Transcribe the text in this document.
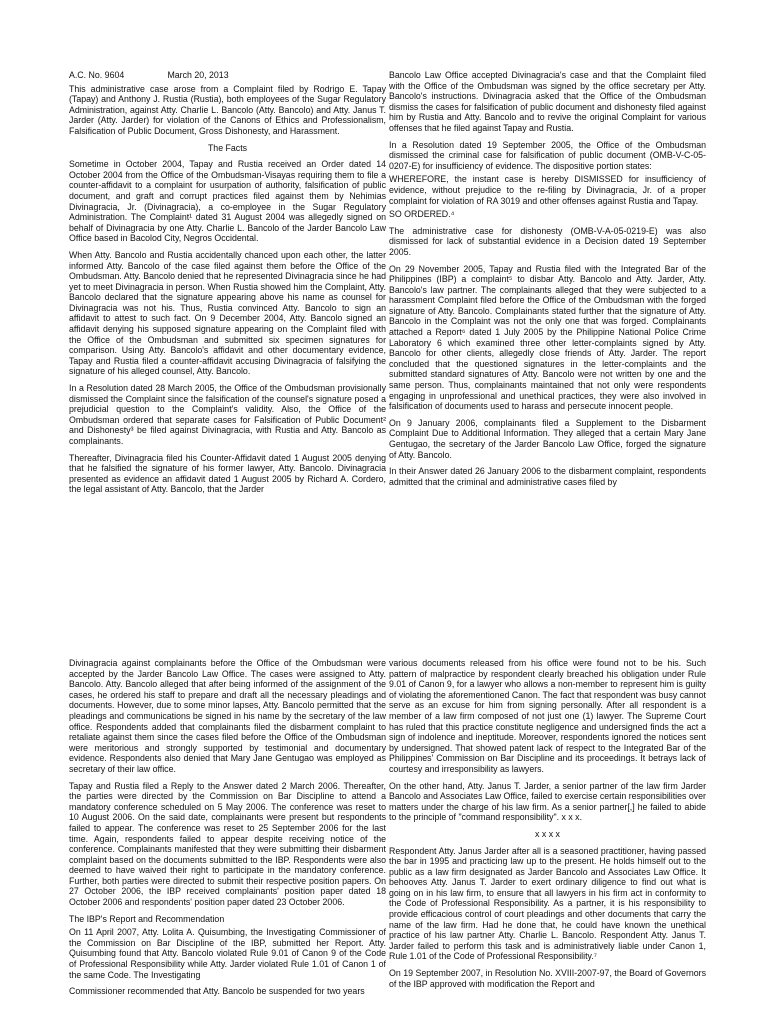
A.C. No. 9604	March 20, 2013

This administrative case arose from a Complaint filed by Rodrigo E. Tapay (Tapay) and Anthony J. Rustia (Rustia), both employees of the Sugar Regulatory Administration, against Atty. Charlie L. Bancolo (Atty. Bancolo) and Atty. Janus T. Jarder (Atty. Jarder) for violation of the Canons of Ethics and Professionalism, Falsification of Public Document, Gross Dishonesty, and Harassment.

The Facts

Sometime in October 2004, Tapay and Rustia received an Order dated 14 October 2004 from the Office of the Ombudsman-Visayas requiring them to file a counter-affidavit to a complaint for usurpation of authority, falsification of public document, and graft and corrupt practices filed against them by Nehimias Divinagracia, Jr. (Divinagracia), a co-employee in the Sugar Regulatory Administration. The Complaint¹ dated 31 August 2004 was allegedly signed on behalf of Divinagracia by one Atty. Charlie L. Bancolo of the Jarder Bancolo Law Office based in Bacolod City, Negros Occidental.

When Atty. Bancolo and Rustia accidentally chanced upon each other, the latter informed Atty. Bancolo of the case filed against them before the Office of the Ombudsman. Atty. Bancolo denied that he represented Divinagracia since he had yet to meet Divinagracia in person. When Rustia showed him the Complaint, Atty. Bancolo declared that the signature appearing above his name as counsel for Divinagracia was not his. Thus, Rustia convinced Atty. Bancolo to sign an affidavit to attest to such fact. On 9 December 2004, Atty. Bancolo signed an affidavit denying his supposed signature appearing on the Complaint filed with the Office of the Ombudsman and submitted six specimen signatures for comparison. Using Atty. Bancolo's affidavit and other documentary evidence, Tapay and Rustia filed a counter-affidavit accusing Divinagracia of falsifying the signature of his alleged counsel, Atty. Bancolo.

In a Resolution dated 28 March 2005, the Office of the Ombudsman provisionally dismissed the Complaint since the falsification of the counsel's signature posed a prejudicial question to the Complaint's validity. Also, the Office of the Ombudsman ordered that separate cases for Falsification of Public Document² and Dishonesty³ be filed against Divinagracia, with Rustia and Atty. Bancolo as complainants.

Thereafter, Divinagracia filed his Counter-Affidavit dated 1 August 2005 denying that he falsified the signature of his former lawyer, Atty. Bancolo. Divinagracia presented as evidence an affidavit dated 1 August 2005 by Richard A. Cordero, the legal assistant of Atty. Bancolo, that the Jarder

Bancolo Law Office accepted Divinagracia's case and that the Complaint filed with the Office of the Ombudsman was signed by the office secretary per Atty. Bancolo's instructions. Divinagracia asked that the Office of the Ombudsman dismiss the cases for falsification of public document and dishonesty filed against him by Rustia and Atty. Bancolo and to revive the original Complaint for various offenses that he filed against Tapay and Rustia.

In a Resolution dated 19 September 2005, the Office of the Ombudsman dismissed the criminal case for falsification of public document (OMB-V-C-05-0207-E) for insufficiency of evidence. The dispositive portion states:

WHEREFORE, the instant case is hereby DISMISSED for insufficiency of evidence, without prejudice to the re-filing by Divinagracia, Jr. of a proper complaint for violation of RA 3019 and other offenses against Rustia and Tapay.

SO ORDERED.⁴

The administrative case for dishonesty (OMB-V-A-05-0219-E) was also dismissed for lack of substantial evidence in a Decision dated 19 September 2005.

On 29 November 2005, Tapay and Rustia filed with the Integrated Bar of the Philippines (IBP) a complaint⁵ to disbar Atty. Bancolo and Atty. Jarder, Atty. Bancolo's law partner. The complainants alleged that they were subjected to a harassment Complaint filed before the Office of the Ombudsman with the forged signature of Atty. Bancolo. Complainants stated further that the signature of Atty. Bancolo in the Complaint was not the only one that was forged. Complainants attached a Report⁶ dated 1 July 2005 by the Philippine National Police Crime Laboratory 6 which examined three other letter-complaints signed by Atty. Bancolo for other clients, allegedly close friends of Atty. Jarder. The report concluded that the questioned signatures in the letter-complaints and the submitted standard signatures of Atty. Bancolo were not written by one and the same person. Thus, complainants maintained that not only were respondents engaging in unprofessional and unethical practices, they were also involved in falsification of documents used to harass and persecute innocent people.

On 9 January 2006, complainants filed a Supplement to the Disbarment Complaint Due to Additional Information. They alleged that a certain Mary Jane Gentugao, the secretary of the Jarder Bancolo Law Office, forged the signature of Atty. Bancolo.

In their Answer dated 26 January 2006 to the disbarment complaint, respondents admitted that the criminal and administrative cases filed by

Divinagracia against complainants before the Office of the Ombudsman were accepted by the Jarder Bancolo Law Office. The cases were assigned to Atty. Bancolo. Atty. Bancolo alleged that after being informed of the assignment of the cases, he ordered his staff to prepare and draft all the necessary pleadings and documents. However, due to some minor lapses, Atty. Bancolo permitted that the pleadings and communications be signed in his name by the secretary of the law office. Respondents added that complainants filed the disbarment complaint to retaliate against them since the cases filed before the Office of the Ombudsman were meritorious and strongly supported by testimonial and documentary evidence. Respondents also denied that Mary Jane Gentugao was employed as secretary of their law office.

Tapay and Rustia filed a Reply to the Answer dated 2 March 2006. Thereafter, the parties were directed by the Commission on Bar Discipline to attend a mandatory conference scheduled on 5 May 2006. The conference was reset to 10 August 2006. On the said date, complainants were present but respondents failed to appear. The conference was reset to 25 September 2006 for the last time. Again, respondents failed to appear despite receiving notice of the conference. Complainants manifested that they were submitting their disbarment complaint based on the documents submitted to the IBP. Respondents were also deemed to have waived their right to participate in the mandatory conference. Further, both parties were directed to submit their respective position papers. On 27 October 2006, the IBP received complainants' position paper dated 18 October 2006 and respondents' position paper dated 23 October 2006.

The IBP's Report and Recommendation

On 11 April 2007, Atty. Lolita A. Quisumbing, the Investigating Commissioner of the Commission on Bar Discipline of the IBP, submitted her Report. Atty. Quisumbing found that Atty. Bancolo violated Rule 9.01 of Canon 9 of the Code of Professional Responsibility while Atty. Jarder violated Rule 1.01 of Canon 1 of the same Code. The Investigating

Commissioner recommended that Atty. Bancolo be suspended for two years

various documents released from his office were found not to be his. Such pattern of malpractice by respondent clearly breached his obligation under Rule 9.01 of Canon 9, for a lawyer who allows a non-member to represent him is guilty of violating the aforementioned Canon. The fact that respondent was busy cannot serve as an excuse for him from signing personally. After all respondent is a member of a law firm composed of not just one (1) lawyer. The Supreme Court has ruled that this practice constitute negligence and undersigned finds the act a sign of indolence and ineptitude. Moreover, respondents ignored the notices sent by undersigned. That showed patent lack of respect to the Integrated Bar of the Philippines' Commission on Bar Discipline and its proceedings. It betrays lack of courtesy and irresponsibility as lawyers.

On the other hand, Atty. Janus T. Jarder, a senior partner of the law firm Jarder Bancolo and Associates Law Office, failed to exercise certain responsibilities over matters under the charge of his law firm. As a senior partner[,] he failed to abide to the principle of "command responsibility". x x x.

x x x x

Respondent Atty. Janus Jarder after all is a seasoned practitioner, having passed the bar in 1995 and practicing law up to the present. He holds himself out to the public as a law firm designated as Jarder Bancolo and Associates Law Office. It behooves Atty. Janus T. Jarder to exert ordinary diligence to find out what is going on in his law firm, to ensure that all lawyers in his firm act in conformity to the Code of Professional Responsibility. As a partner, it is his responsibility to provide efficacious control of court pleadings and other documents that carry the name of the law firm. Had he done that, he could have known the unethical practice of his law partner Atty. Charlie L. Bancolo. Respondent Atty. Janus T. Jarder failed to perform this task and is administratively liable under Canon 1, Rule 1.01 of the Code of Professional Responsibility.⁷

On 19 September 2007, in Resolution No. XVIII-2007-97, the Board of Governors of the IBP approved with modification the Report and
